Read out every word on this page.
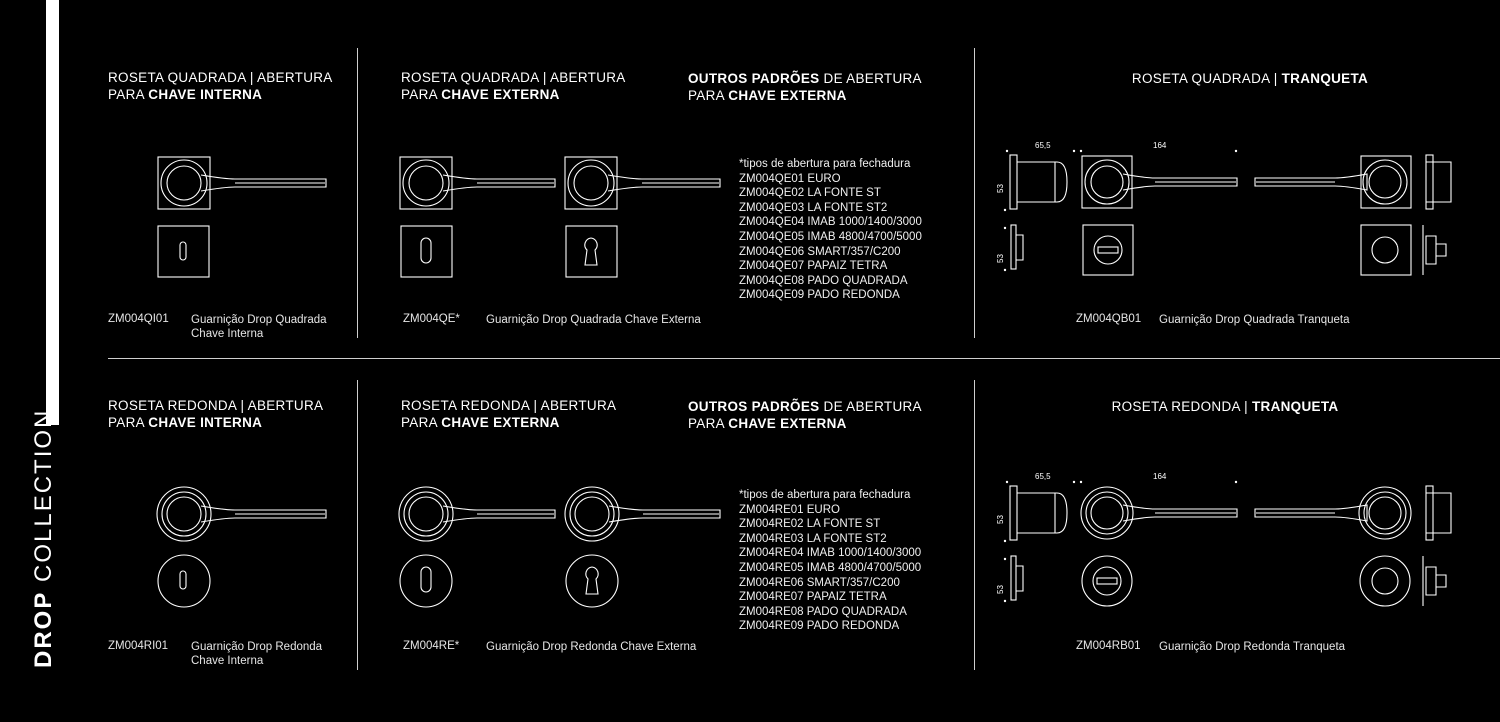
DROP COLLECTION
ROSETA QUADRADA | ABERTURA
PARA CHAVE INTERNA
ZM004QI01 Guarnição Drop Quadrada
Chave Interna
ROSETA QUADRADA | ABERTURA
PARA CHAVE EXTERNA
ZM004QE* Guarnição Drop Quadrada Chave Externa
OUTROS PADRÕES DE ABERTURA
PARA CHAVE EXTERNA
*tipos de abertura para fechadura
ZM004QE01 EURO
ZM004QE02 LA FONTE ST
ZM004QE03 LA FONTE ST2
ZM004QE04 IMAB 1000/1400/3000
ZM004QE05 IMAB 4800/4700/5000
ZM004QE06 SMART/357/C200
ZM004QE07 PAPAIZ TETRA
ZM004QE08 PADO QUADRADA
ZM004QE09 PADO REDONDA
ROSETA QUADRADA | TRANQUETA
65,5	164
53
53
ZM004QB01 Guarnição Drop Quadrada Tranqueta
ROSETA REDONDA | ABERTURA
PARA CHAVE INTERNA
ZM004RI01 Guarnição Drop Redonda
Chave Interna
ROSETA REDONDA | ABERTURA
PARA CHAVE EXTERNA
ZM004RE* Guarnição Drop Redonda Chave Externa
OUTROS PADRÕES DE ABERTURA
PARA CHAVE EXTERNA
*tipos de abertura para fechadura
ZM004RE01 EURO
ZM004RE02 LA FONTE ST
ZM004RE03 LA FONTE ST2
ZM004RE04 IMAB 1000/1400/3000
ZM004RE05 IMAB 4800/4700/5000
ZM004RE06 SMART/357/C200
ZM004RE07 PAPAIZ TETRA
ZM004RE08 PADO QUADRADA
ZM004RE09 PADO REDONDA
ROSETA REDONDA | TRANQUETA
65,5	164
53
53
ZM004RB01 Guarnição Drop Redonda Tranqueta
